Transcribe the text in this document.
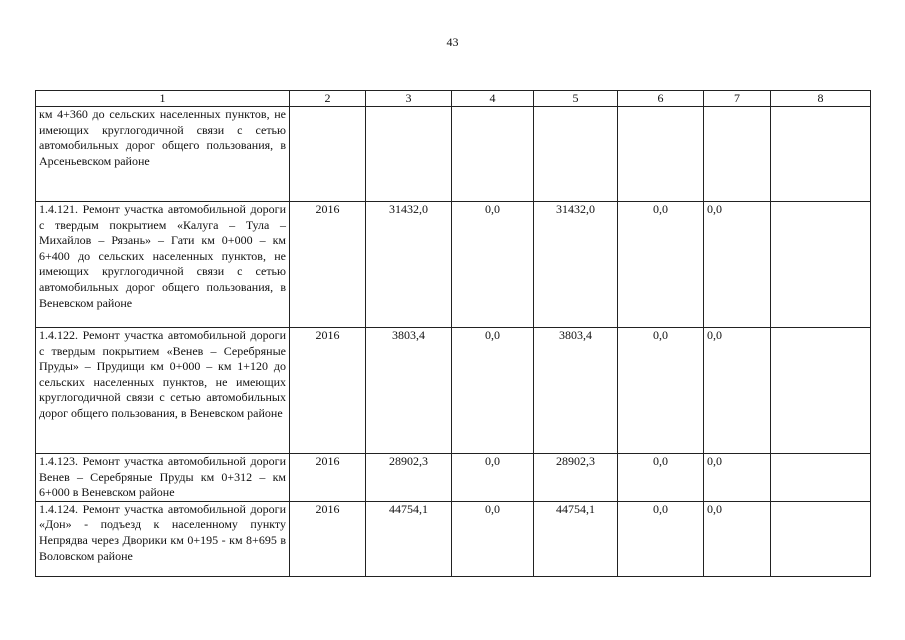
43
1	2	3	4	5	6	7	8
км 4+360 до сельских населенных пунктов, не имеющих круглогодичной связи с сетью автомобильных дорог общего пользования, в Арсеньевском районе							
1.4.121. Ремонт участка автомобильной дороги с твердым покрытием «Калуга – Тула – Михайлов – Рязань» – Гати км 0+000 – км 6+400 до сельских населенных пунктов, не имеющих круглогодичной связи с сетью автомобильных дорог общего пользования, в Веневском районе	2016	31432,0	0,0	31432,0	0,0	0,0	
1.4.122. Ремонт участка автомобильной дороги с твердым покрытием «Венев – Серебряные Пруды» – Прудищи км 0+000 – км 1+120 до сельских населенных пунктов, не имеющих круглогодичной связи с сетью автомобильных дорог общего пользования, в Веневском районе	2016	3803,4	0,0	3803,4	0,0	0,0	
1.4.123. Ремонт участка автомобильной дороги Венев – Серебряные Пруды км 0+312 – км 6+000 в Веневском районе	2016	28902,3	0,0	28902,3	0,0	0,0	
1.4.124. Ремонт участка автомобильной дороги «Дон» - подъезд к населенному пункту Непрядва через Дворики км 0+195 - км 8+695 в Воловском районе	2016	44754,1	0,0	44754,1	0,0	0,0	
